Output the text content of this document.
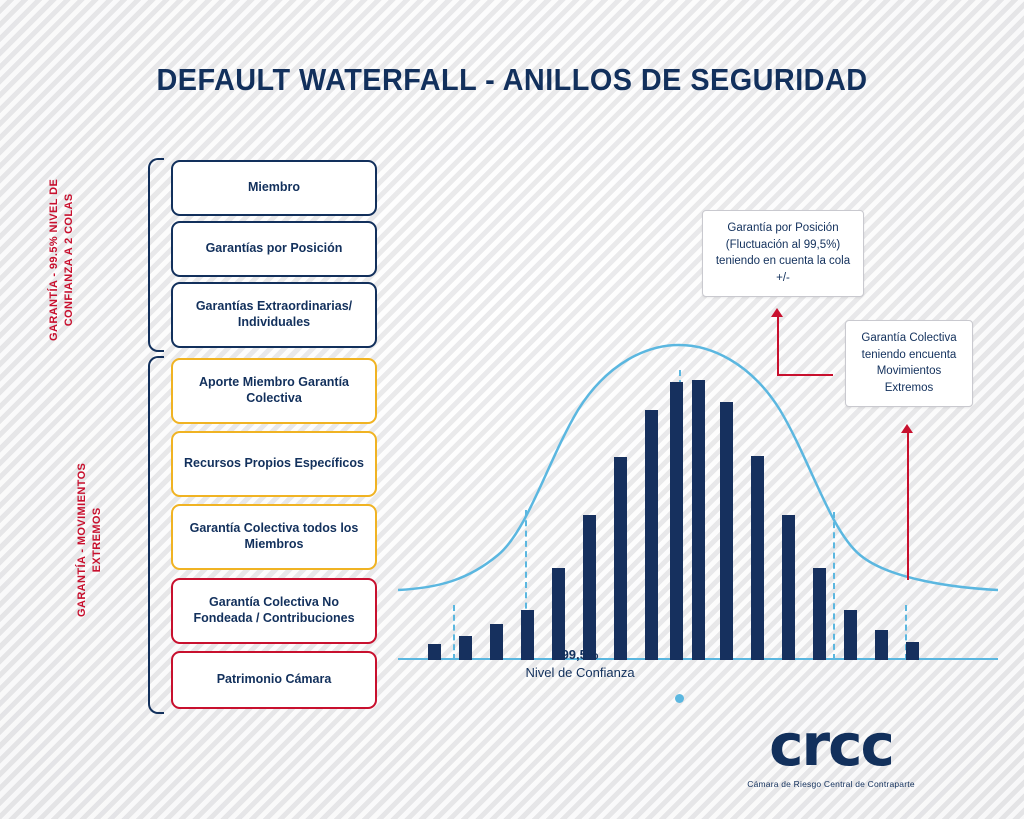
DEFAULT WATERFALL - ANILLOS DE SEGURIDAD
GARANTÍA - 99.5% NIVEL DE CONFIANZA A 2 COLAS
GARANTÍA - MOVIMIENTOS EXTREMOS
Miembro
Garantías por Posición
Garantías Extraordinarias/ Individuales
Aporte Miembro Garantía Colectiva
Recursos Propios Específicos
Garantía Colectiva todos los Miembros
Garantía Colectiva No Fondeada / Contribuciones
Patrimonio Cámara
99,5%
Nivel de Confianza
Garantía por Posición (Fluctuación al 99,5%) teniendo en cuenta la cola +/-
Garantía Colectiva teniendo encuenta Movimientos Extremos
crcc
Cámara de Riesgo Central de Contraparte
